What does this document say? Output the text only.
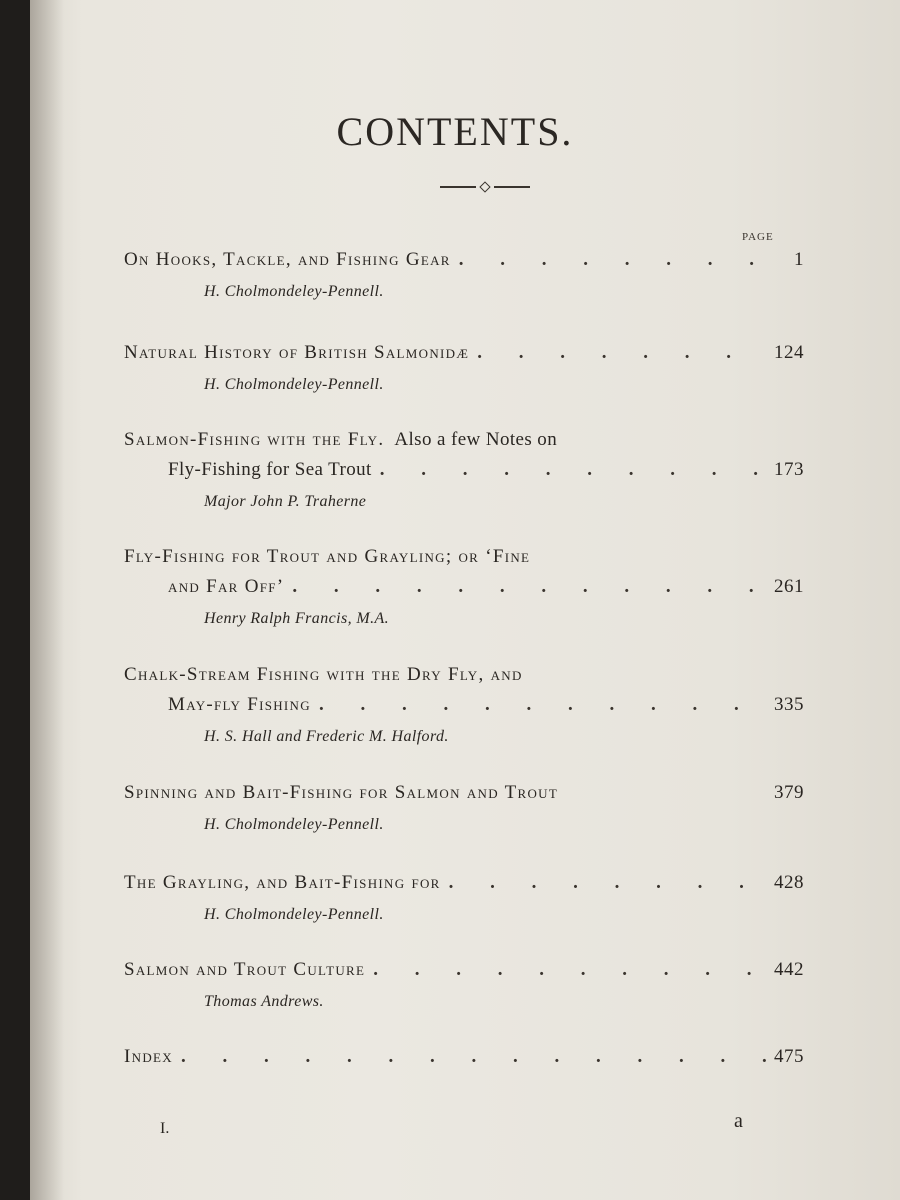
CONTENTS.
PAGE
On Hooks, Tackle, and Fishing Gear . . .	1
H. Cholmondeley-Pennell.
Natural History of British Salmonidæ . . .	124
H. Cholmondeley-Pennell.
Salmon-Fishing with the Fly. Also a few Notes on
Fly-Fishing for Sea Trout . . .	173
Major John P. Traherne
Fly-Fishing for Trout and Grayling; or ‘Fine
and Far Off’ . . .	261
Henry Ralph Francis, M.A.
Chalk-Stream Fishing with the Dry Fly, and
May-fly Fishing . . .	335
H. S. Hall and Frederic M. Halford.
Spinning and Bait-Fishing for Salmon and Trout	379
H. Cholmondeley-Pennell.
The Grayling, and Bait-Fishing for . . .	428
H. Cholmondeley-Pennell.
Salmon and Trout Culture . . .	442
Thomas Andrews.
Index . . .	475
I.	a
